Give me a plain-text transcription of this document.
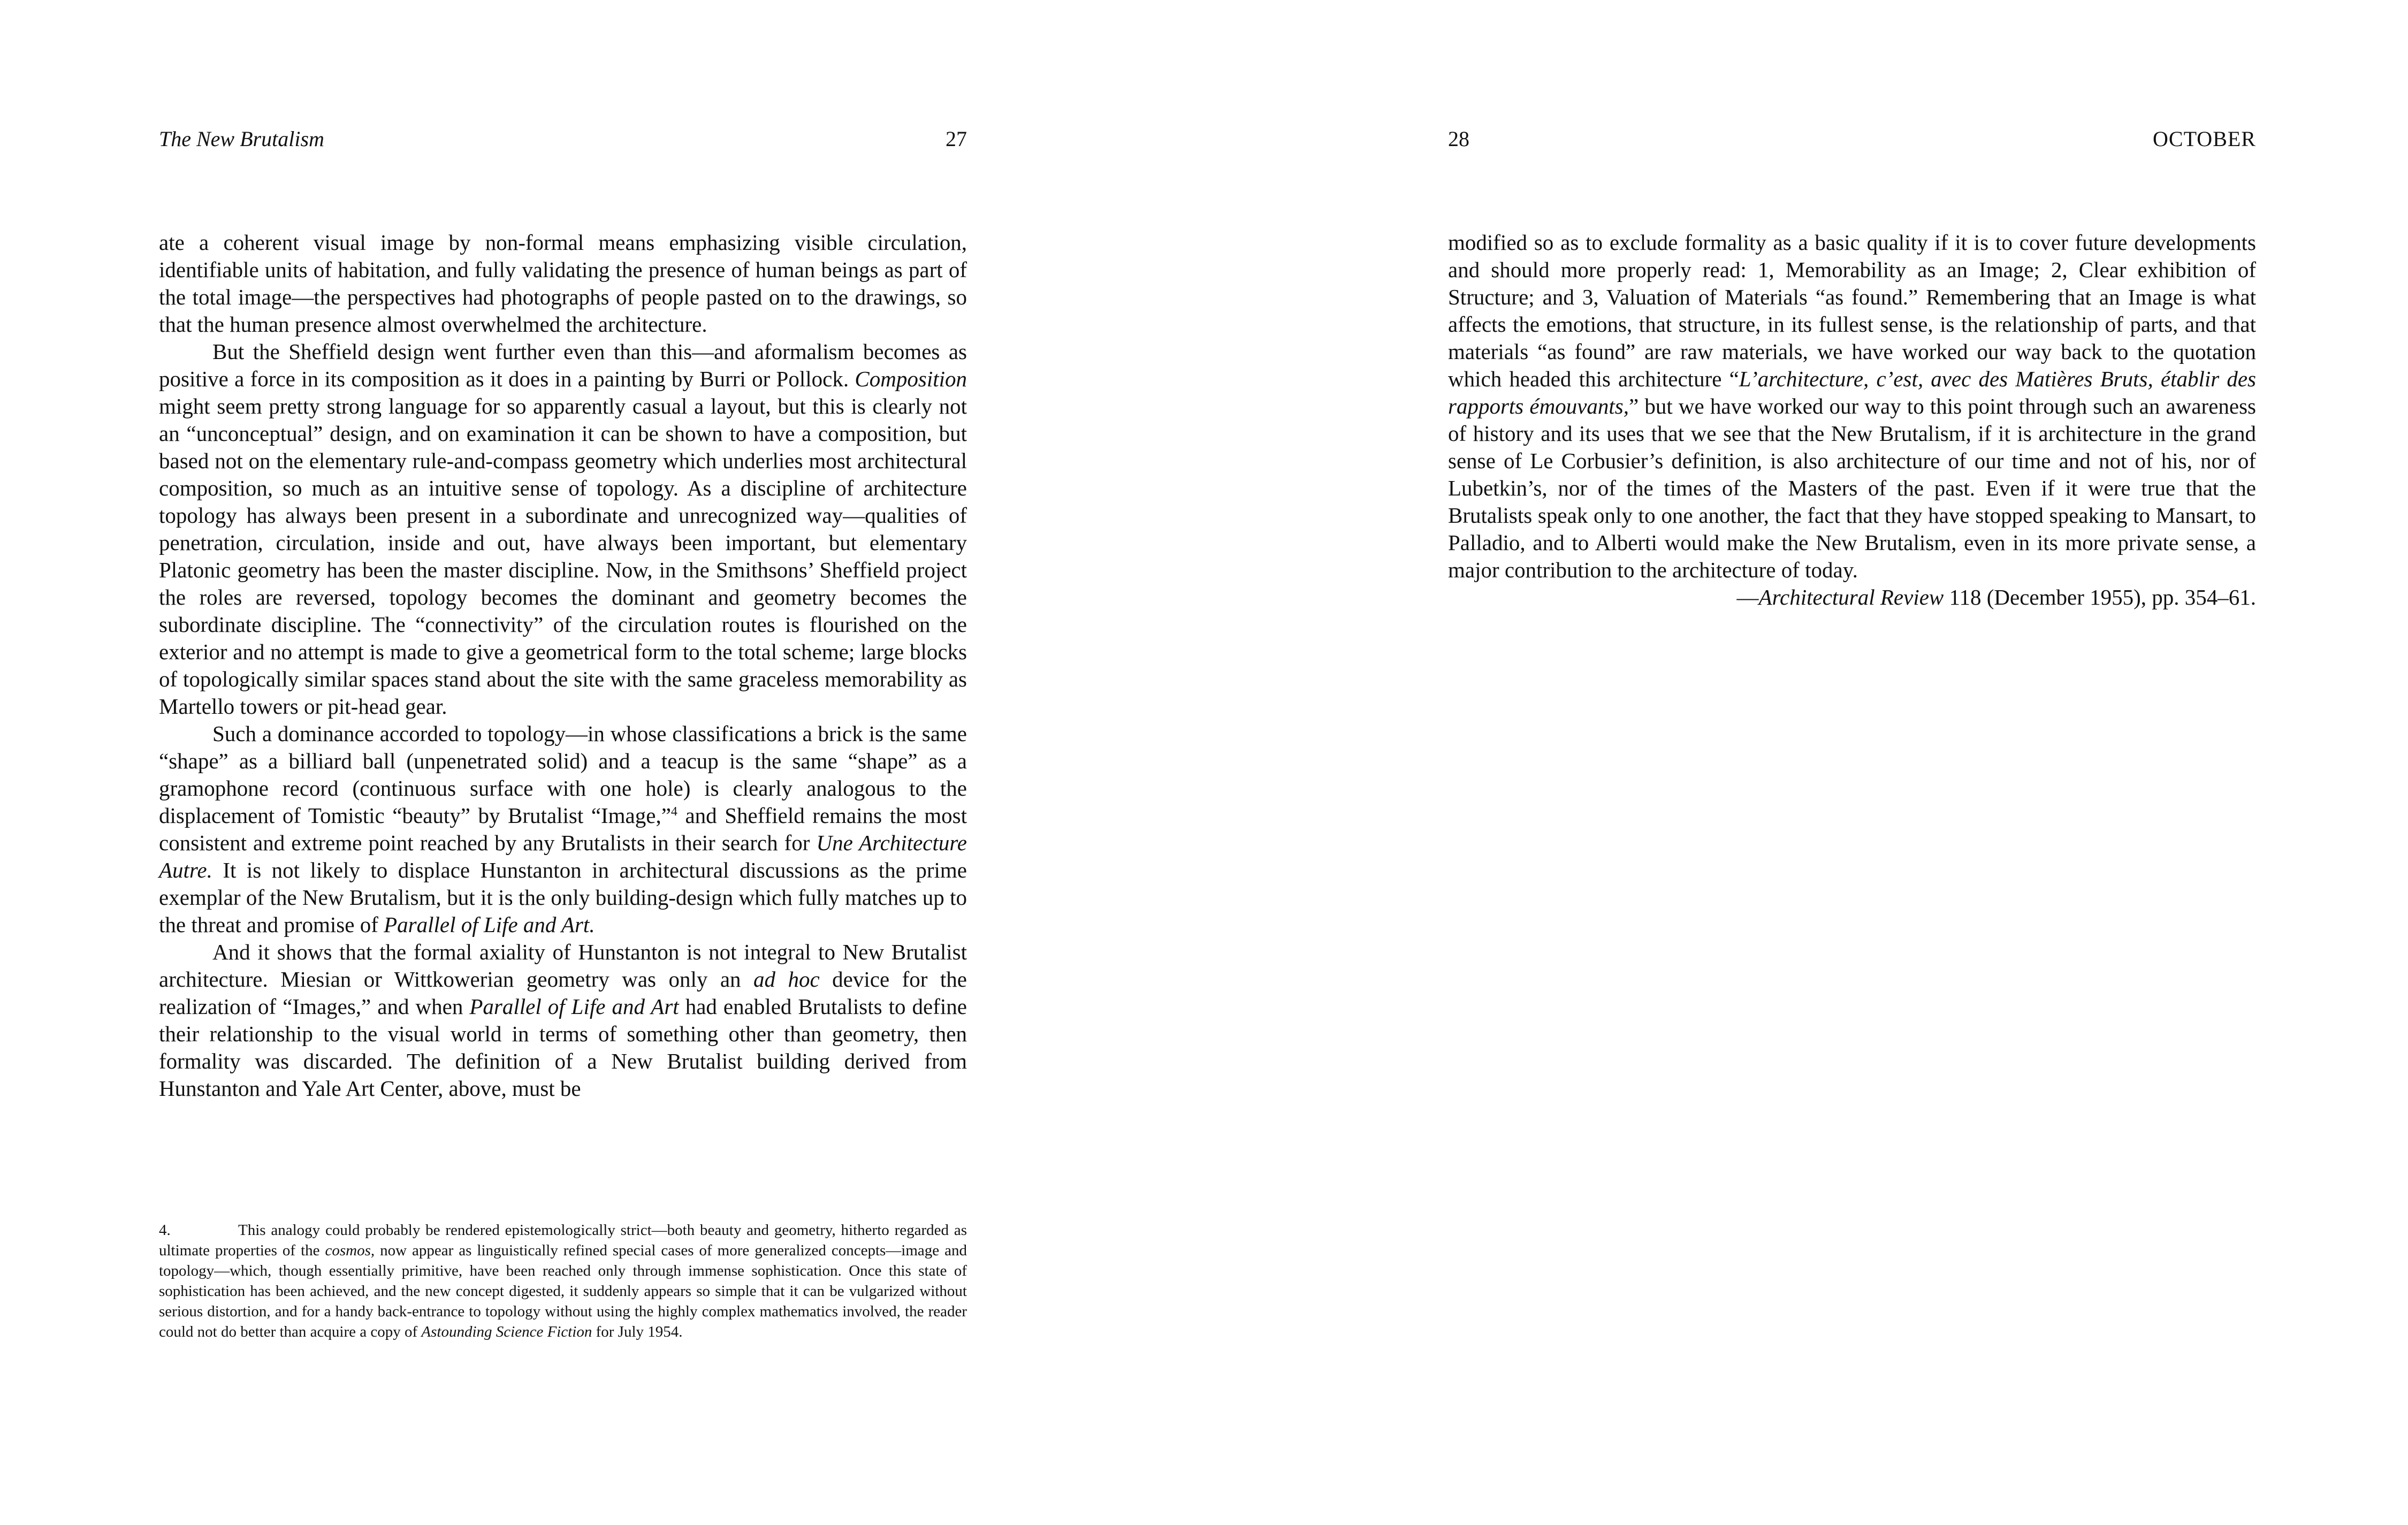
The New Brutalism	27

ate a coherent visual image by non-formal means emphasizing visible circulation, identifiable units of habitation, and fully validating the presence of human beings as part of the total image—the perspectives had photographs of people pasted on to the drawings, so that the human presence almost overwhelmed the architecture.

But the Sheffield design went further even than this—and aformalism becomes as positive a force in its composition as it does in a painting by Burri or Pollock. Composition might seem pretty strong language for so apparently casual a layout, but this is clearly not an “unconceptual” design, and on examination it can be shown to have a composition, but based not on the elementary rule-and-compass geometry which underlies most architectural composition, so much as an intuitive sense of topology. As a discipline of architecture topology has always been present in a subordinate and unrecognized way—qualities of penetration, circulation, inside and out, have always been important, but elementary Platonic geometry has been the master discipline. Now, in the Smithsons’ Sheffield project the roles are reversed, topology becomes the dominant and geometry becomes the subordinate discipline. The “connectivity” of the circulation routes is flourished on the exterior and no attempt is made to give a geometrical form to the total scheme; large blocks of topologically similar spaces stand about the site with the same graceless memorability as Martello towers or pit-head gear.

Such a dominance accorded to topology—in whose classifications a brick is the same “shape” as a billiard ball (unpenetrated solid) and a teacup is the same “shape” as a gramophone record (continuous surface with one hole) is clearly analogous to the displacement of Tomistic “beauty” by Brutalist “Image,”$^4$ and Sheffield remains the most consistent and extreme point reached by any Brutalists in their search for Une Architecture Autre. It is not likely to displace Hunstanton in architectural discussions as the prime exemplar of the New Brutalism, but it is the only building-design which fully matches up to the threat and promise of Parallel of Life and Art.

And it shows that the formal axiality of Hunstanton is not integral to New Brutalist architecture. Miesian or Wittkowerian geometry was only an ad hoc device for the realization of “Images,” and when Parallel of Life and Art had enabled Brutalists to define their relationship to the visual world in terms of something other than geometry, then formality was discarded. The definition of a New Brutalist building derived from Hunstanton and Yale Art Center, above, must be

4.	This analogy could probably be rendered epistemologically strict—both beauty and geometry, hitherto regarded as ultimate properties of the cosmos, now appear as linguistically refined special cases of more generalized concepts—image and topology—which, though essentially primitive, have been reached only through immense sophistication. Once this state of sophistication has been achieved, and the new concept digested, it suddenly appears so simple that it can be vulgarized without serious distortion, and for a handy back-entrance to topology without using the highly complex mathematics involved, the reader could not do better than acquire a copy of Astounding Science Fiction for July 1954.

28	OCTOBER

modified so as to exclude formality as a basic quality if it is to cover future developments and should more properly read: 1, Memorability as an Image; 2, Clear exhibition of Structure; and 3, Valuation of Materials “as found.” Remembering that an Image is what affects the emotions, that structure, in its fullest sense, is the relationship of parts, and that materials “as found” are raw materials, we have worked our way back to the quotation which headed this architecture “L’architecture, c’est, avec des Matières Bruts, établir des rapports émouvants,” but we have worked our way to this point through such an awareness of history and its uses that we see that the New Brutalism, if it is architecture in the grand sense of Le Corbusier’s definition, is also architecture of our time and not of his, nor of Lubetkin’s, nor of the times of the Masters of the past. Even if it were true that the Brutalists speak only to one another, the fact that they have stopped speaking to Mansart, to Palladio, and to Alberti would make the New Brutalism, even in its more private sense, a major contribution to the architecture of today.

—Architectural Review 118 (December 1955), pp. 354–61.
